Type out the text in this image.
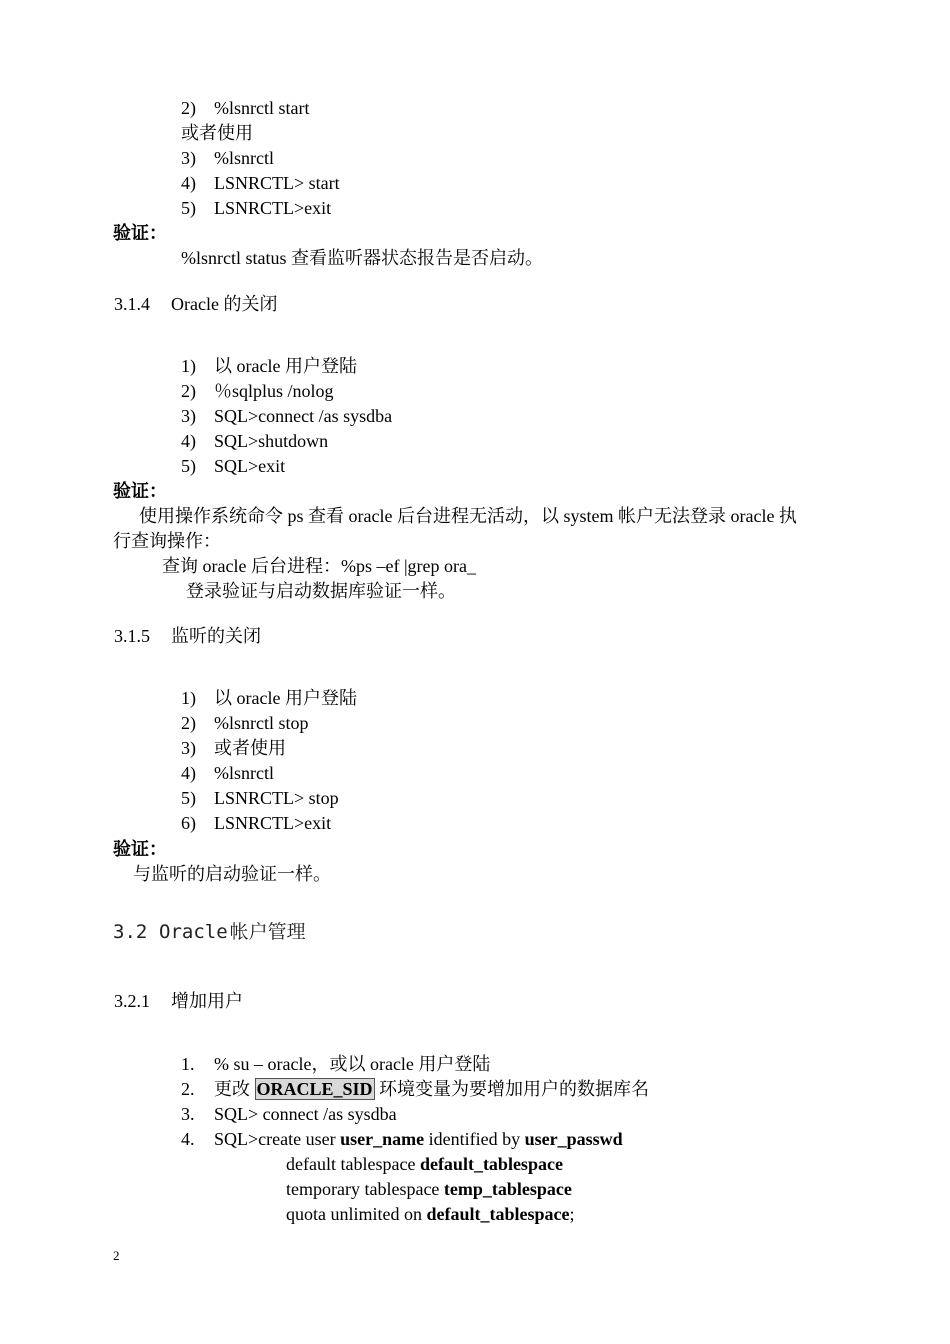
2) %lsnrctl start
或者使用
3) %lsnrctl
4) LSNRCTL> start
5) LSNRCTL>exit
验证：
%lsnrctl status 查看监听器状态报告是否启动。
3.1.4 Oracle 的关闭
1) 以 oracle 用户登陆
2) ％sqlplus /nolog
3) SQL>connect /as sysdba
4) SQL>shutdown
5) SQL>exit
验证：
使用操作系统命令 ps 查看 oracle 后台进程无活动，以 system 帐户无法登录 oracle 执
行查询操作：
查询 oracle 后台进程：%ps –ef |grep ora_
登录验证与启动数据库验证一样。
3.1.5 监听的关闭
1) 以 oracle 用户登陆
2) %lsnrctl stop
3) 或者使用
4) %lsnrctl
5) LSNRCTL> stop
6) LSNRCTL>exit
验证：
与监听的启动验证一样。
3.2 Oracle 帐户管理
3.2.1 增加用户
1. % su – oracle，或以 oracle 用户登陆
2. 更改 ORACLE_SID 环境变量为要增加用户的数据库名
3. SQL> connect /as sysdba
4. SQL>create user user_name identified by user_passwd
default tablespace default_tablespace
temporary tablespace temp_tablespace
quota unlimited on default_tablespace;
2
